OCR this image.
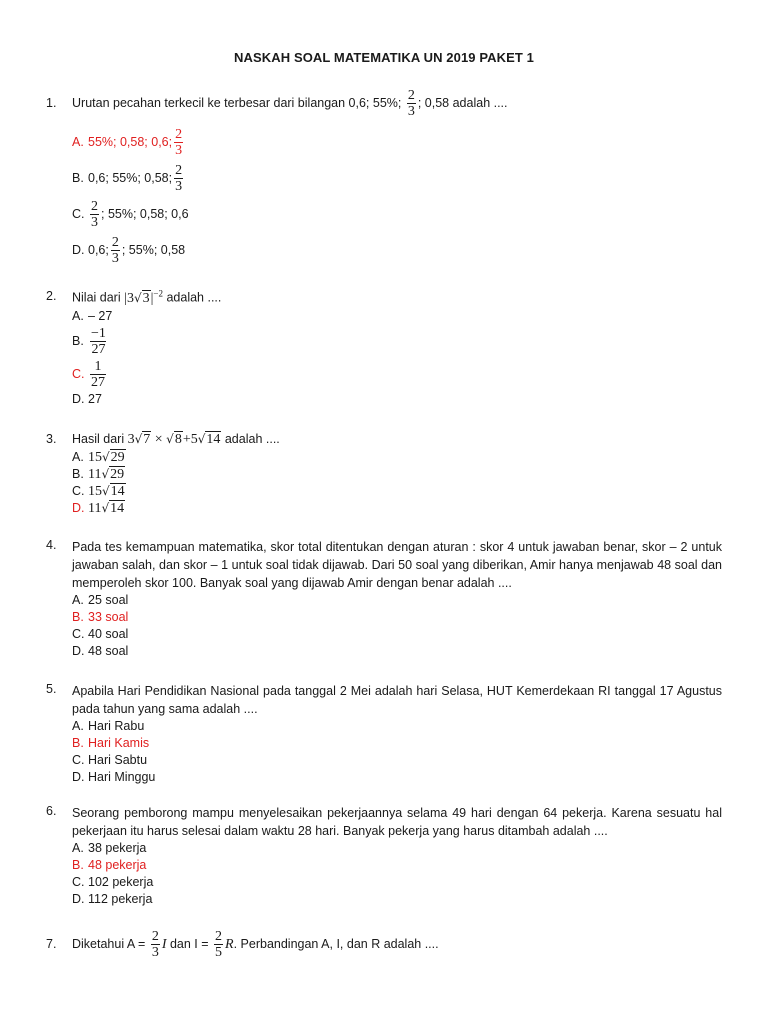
NASKAH SOAL MATEMATIKA UN 2019 PAKET 1
1.	Urutan pecahan terkecil ke terbesar dari bilangan 0,6; 55%; $\frac{2}{3}$ ; 0,58 adalah ....
A. 55%; 0,58; 0,6; $\frac{2}{3}$
B. 0,6; 55%; 0,58; $\frac{2}{3}$
C. $\frac{2}{3}$ ; 55%; 0,58; 0,6
D. 0,6; $\frac{2}{3}$ ; 55%; 0,58
2.	Nilai dari $|3√3|^{-2}$ adalah ....
A. – 27
B. $\frac{-1}{27}$
C. $\frac{1}{27}$
D. 27
3.	Hasil dari 3√7 × √8+5√14 adalah ....
A. 15√29
B. 11√29
C. 15√14
D. 11√14
4.	Pada tes kemampuan matematika, skor total ditentukan dengan aturan : skor 4 untuk jawaban benar, skor – 2 untuk jawaban salah, dan skor – 1 untuk soal tidak dijawab. Dari 50 soal yang diberikan, Amir hanya menjawab 48 soal dan memperoleh skor 100. Banyak soal yang dijawab Amir dengan benar adalah ....
A. 25 soal
B. 33 soal
C. 40 soal
D. 48 soal
5.	Apabila Hari Pendidikan Nasional pada tanggal 2 Mei adalah hari Selasa, HUT Kemerdekaan RI tanggal 17 Agustus pada tahun yang sama adalah ....
A. Hari Rabu
B. Hari Kamis
C. Hari Sabtu
D. Hari Minggu
6.	Seorang pemborong mampu menyelesaikan pekerjaannya selama 49 hari dengan 64 pekerja. Karena sesuatu hal pekerjaan itu harus selesai dalam waktu 28 hari. Banyak pekerja yang harus ditambah adalah ....
A. 38 pekerja
B. 48 pekerja
C. 102 pekerja
D. 112 pekerja
7.	Diketahui $A = \frac{2}{3}$ I dan $I = \frac{2}{5} R$. Perbandingan A, I, dan R adalah ....
